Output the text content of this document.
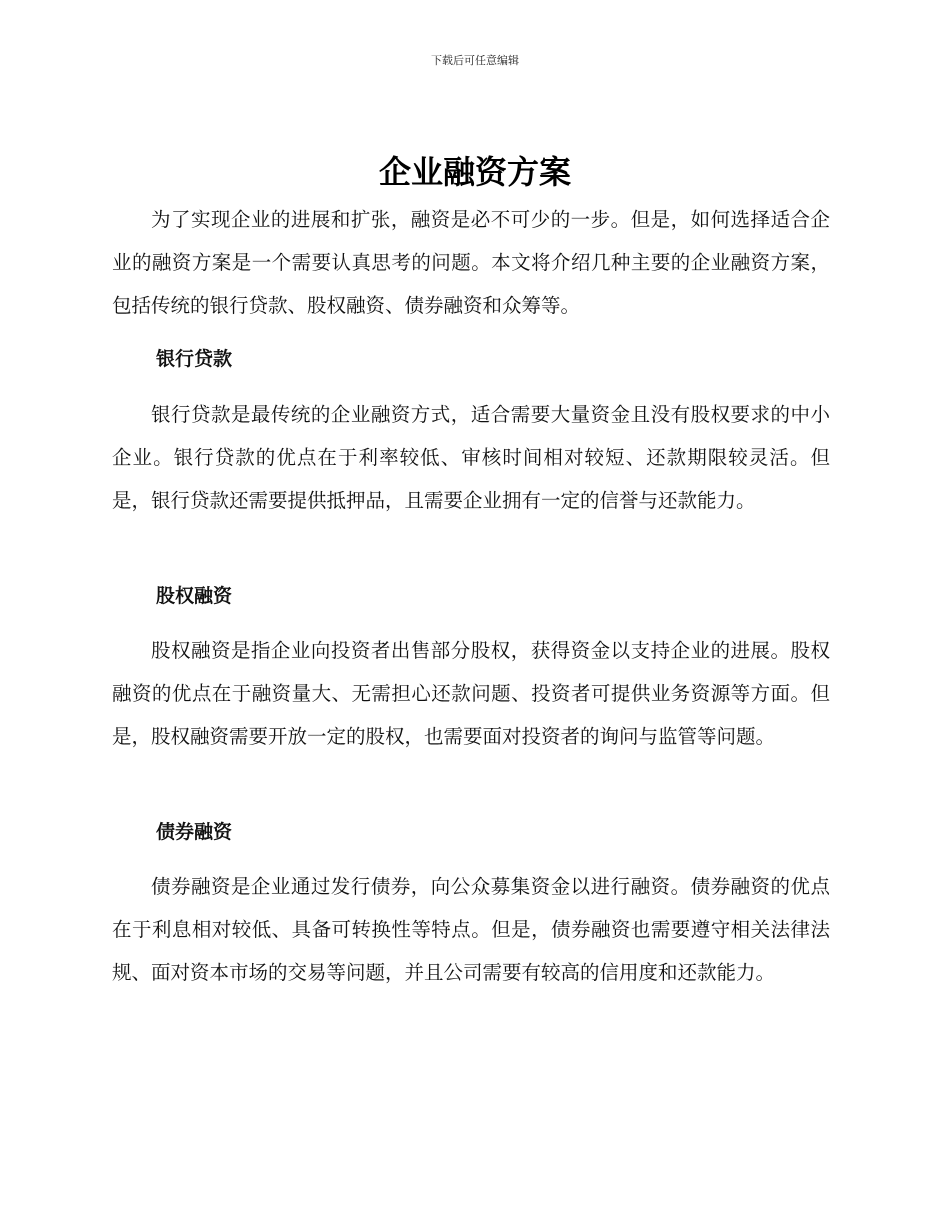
下载后可任意编辑
企业融资方案

为了实现企业的进展和扩张，融资是必不可少的一步。但是，如何选择适合企业的融资方案是一个需要认真思考的问题。本文将介绍几种主要的企业融资方案，包括传统的银行贷款、股权融资、债券融资和众筹等。

银行贷款

银行贷款是最传统的企业融资方式，适合需要大量资金且没有股权要求的中小企业。银行贷款的优点在于利率较低、审核时间相对较短、还款期限较灵活。但是，银行贷款还需要提供抵押品，且需要企业拥有一定的信誉与还款能力。

股权融资

股权融资是指企业向投资者出售部分股权，获得资金以支持企业的进展。股权融资的优点在于融资量大、无需担心还款问题、投资者可提供业务资源等方面。但是，股权融资需要开放一定的股权，也需要面对投资者的询问与监管等问题。

债券融资

债券融资是企业通过发行债券，向公众募集资金以进行融资。债券融资的优点在于利息相对较低、具备可转换性等特点。但是，债券融资也需要遵守相关法律法规、面对资本市场的交易等问题，并且公司需要有较高的信用度和还款能力。
